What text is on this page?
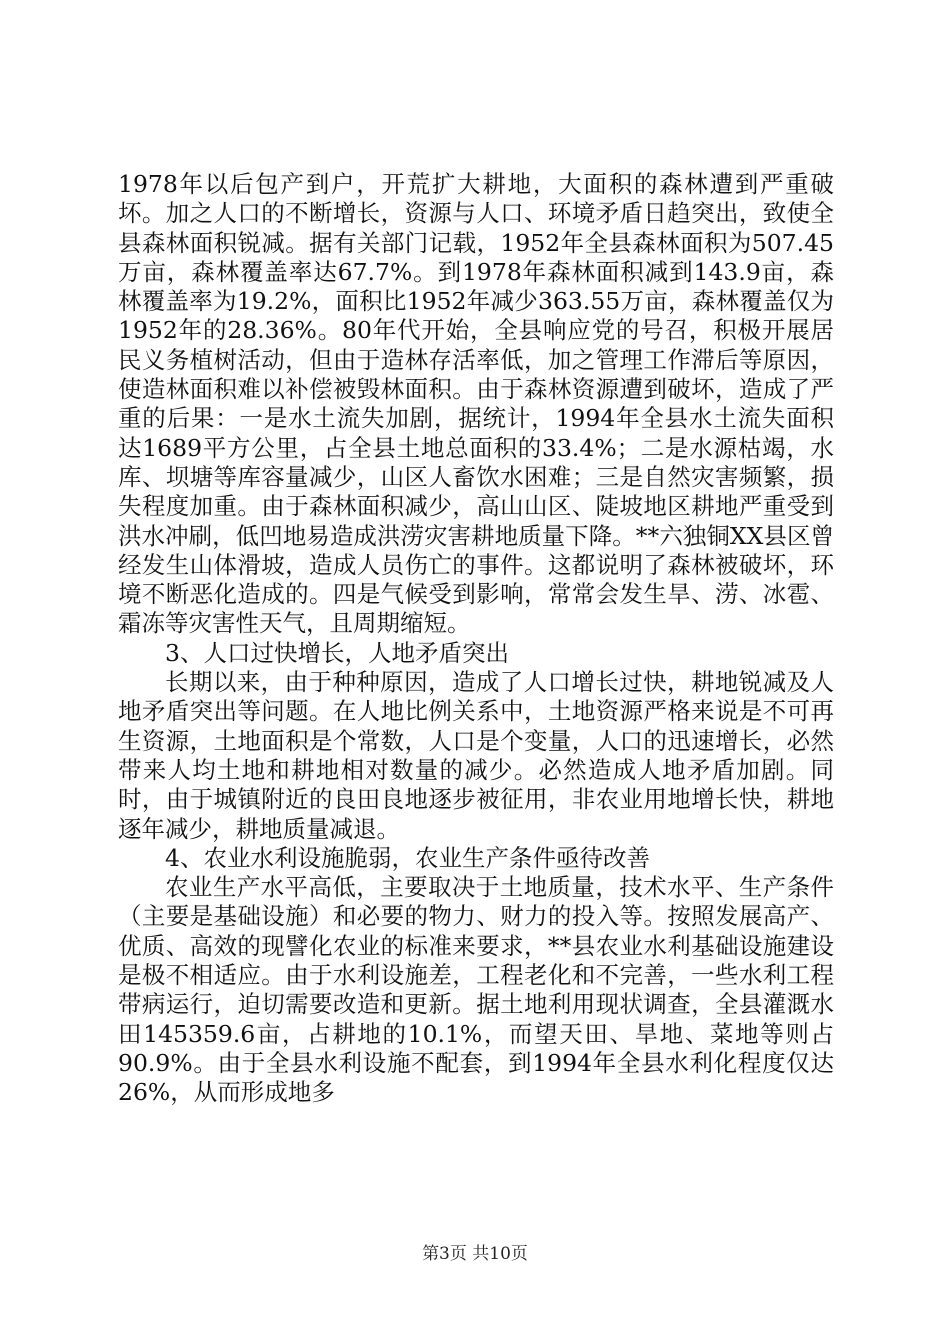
1978年以后包产到户，开荒扩大耕地，大面积的森林遭到严重破坏。加之人口的不断增长，资源与人口、环境矛盾日趋突出，致使全县森林面积锐减。据有关部门记载，1952年全县森林面积为507.45万亩，森林覆盖率达67.7%。到1978年森林面积减到143.9亩，森林覆盖率为19.2%，面积比1952年减少363.55万亩，森林覆盖仅为1952年的28.36%。80年代开始，全县响应党的号召，积极开展居民义务植树活动，但由于造林存活率低，加之管理工作滞后等原因，使造林面积难以补偿被毁林面积。由于森林资源遭到破坏，造成了严重的后果：一是水土流失加剧，据统计，1994年全县水土流失面积达1689平方公里，占全县土地总面积的33.4%；二是水源枯竭，水库、坝塘等库容量减少，山区人畜饮水困难；三是自然灾害频繁，损失程度加重。由于森林面积减少，高山山区、陡坡地区耕地严重受到洪水冲刷，低凹地易造成洪涝灾害耕地质量下降。**六独铜XX县区曾经发生山体滑坡，造成人员伤亡的事件。这都说明了森林被破坏，环境不断恶化造成的。四是气候受到影响，常常会发生旱、涝、冰雹、霜冻等灾害性天气，且周期缩短。

3、人口过快增长，人地矛盾突出

长期以来，由于种种原因，造成了人口增长过快，耕地锐减及人地矛盾突出等问题。在人地比例关系中，土地资源严格来说是不可再生资源，土地面积是个常数，人口是个变量，人口的迅速增长，必然带来人均土地和耕地相对数量的减少。必然造成人地矛盾加剧。同时，由于城镇附近的良田良地逐步被征用，非农业用地增长快，耕地逐年减少，耕地质量减退。

4、农业水利设施脆弱，农业生产条件亟待改善

农业生产水平高低，主要取决于土地质量，技术水平、生产条件（主要是基础设施）和必要的物力、财力的投入等。按照发展高产、优质、高效的现譬化农业的标准来要求，**县农业水利基础设施建设是极不相适应。由于水利设施差，工程老化和不完善，一些水利工程带病运行，迫切需要改造和更新。据土地利用现状调查，全县灌溉水田145359.6亩，占耕地的10.1%，而望天田、旱地、菜地等则占90.9%。由于全县水利设施不配套，到1994年全县水利化程度仅达26%，从而形成地多

第3页 共10页
